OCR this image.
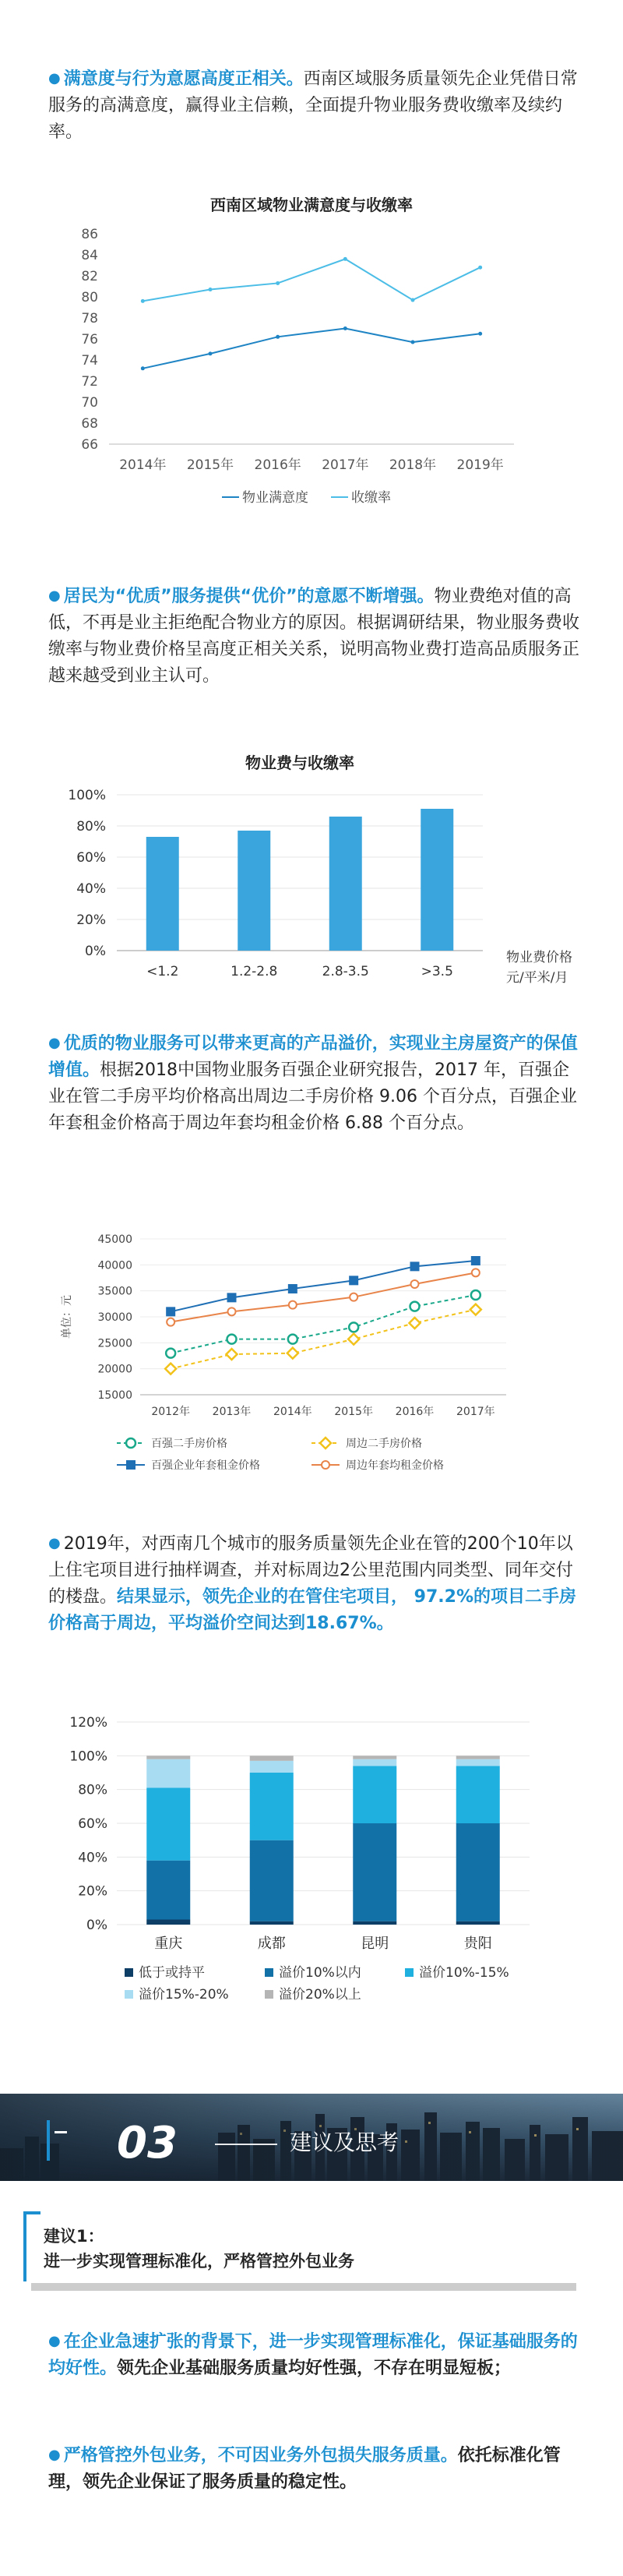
● 满意度与行为意愿高度正相关。西南区域服务质量领先企业凭借日常服务的高满意度，赢得业主信赖，全面提升物业服务费收缴率及续约率。
西南区域物业满意度与收缴率
66
68
70
72
74
76
78
80
82
84
86
2014年 2015年 2016年 2017年 2018年 2019年
物业满意度	收缴率
● 居民为“优质”服务提供“优价”的意愿不断增强。物业费绝对值的高低，不再是业主拒绝配合物业方的原因。根据调研结果，物业服务费收缴率与物业费价格呈高度正相关关系，说明高物业费打造高品质服务正越来越受到业主认可。
物业费与收缴率
0%
20%
40%
60%
80%
100%
<1.2	1.2-2.8	2.8-3.5	>3.5
物业费价格
元/平米/月
● 优质的物业服务可以带来更高的产品溢价，实现业主房屋资产的保值增值。根据2018中国物业服务百强企业研究报告，2017 年，百强企业在管二手房平均价格高出周边二手房价格 9.06 个百分点，百强企业年套租金价格高于周边年套均租金价格 6.88 个百分点。
15000
20000
25000
30000
35000
40000
45000
单位：元
2012年 2013年 2014年 2015年 2016年 2017年
百强二手房价格	周边二手房价格
百强企业年套租金价格	周边年套均租金价格
● 2019年，对西南几个城市的服务质量领先企业在管的200个10年以上住宅项目进行抽样调查，并对标周边2公里范围内同类型、同年交付的楼盘。结果显示，领先企业的在管住宅项目， 97.2%的项目二手房价格高于周边，平均溢价空间达到18.67%。
0%
20%
40%
60%
80%
100%
120%
重庆	成都	昆明	贵阳
低于或持平	溢价10%以内	溢价10%-15%
溢价15%-20%	溢价20%以上
03	建议及思考
建议1：
进一步实现管理标准化，严格管控外包业务
● 在企业急速扩张的背景下，进一步实现管理标准化，保证基础服务的均好性。领先企业基础服务质量均好性强，不存在明显短板；
● 严格管控外包业务，不可因业务外包损失服务质量。依托标准化管理，领先企业保证了服务质量的稳定性。
